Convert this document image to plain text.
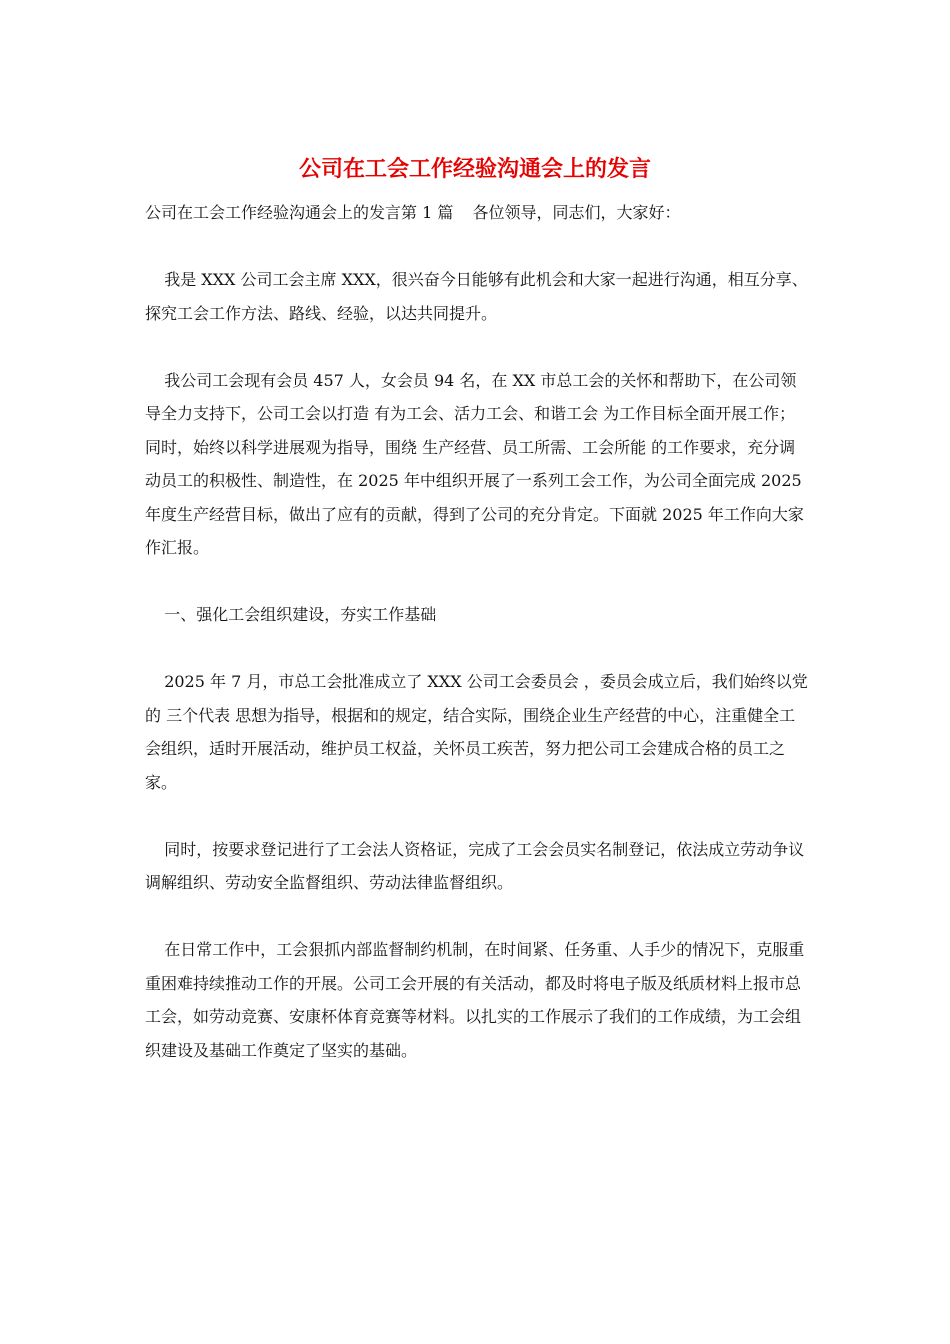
公司在工会工作经验沟通会上的发言

公司在工会工作经验沟通会上的发言第 1 篇 各位领导，同志们，大家好：

我是 XXX 公司工会主席 XXX，很兴奋今日能够有此机会和大家一起进行沟通，相互分享、探究工会工作方法、路线、经验，以达共同提升。

我公司工会现有会员 457 人，女会员 94 名，在 XX 市总工会的关怀和帮助下，在公司领导全力支持下，公司工会以打造 有为工会、活力工会、和谐工会 为工作目标全面开展工作；同时，始终以科学进展观为指导，围绕 生产经营、员工所需、工会所能 的工作要求，充分调动员工的积极性、制造性，在 2025 年中组织开展了一系列工会工作，为公司全面完成 2025 年度生产经营目标，做出了应有的贡献，得到了公司的充分肯定。下面就 2025 年工作向大家作汇报。

一、强化工会组织建设，夯实工作基础

2025 年 7 月，市总工会批准成立了 XXX 公司工会委员会 ，委员会成立后，我们始终以党的 三个代表 思想为指导，根据和的规定，结合实际，围绕企业生产经营的中心，注重健全工会组织，适时开展活动，维护员工权益，关怀员工疾苦，努力把公司工会建成合格的员工之家。

同时，按要求登记进行了工会法人资格证，完成了工会会员实名制登记，依法成立劳动争议调解组织、劳动安全监督组织、劳动法律监督组织。

在日常工作中，工会狠抓内部监督制约机制，在时间紧、任务重、人手少的情况下，克服重重困难持续推动工作的开展。公司工会开展的有关活动，都及时将电子版及纸质材料上报市总工会，如劳动竞赛、安康杯体育竞赛等材料。以扎实的工作展示了我们的工作成绩，为工会组织建设及基础工作奠定了坚实的基础。
